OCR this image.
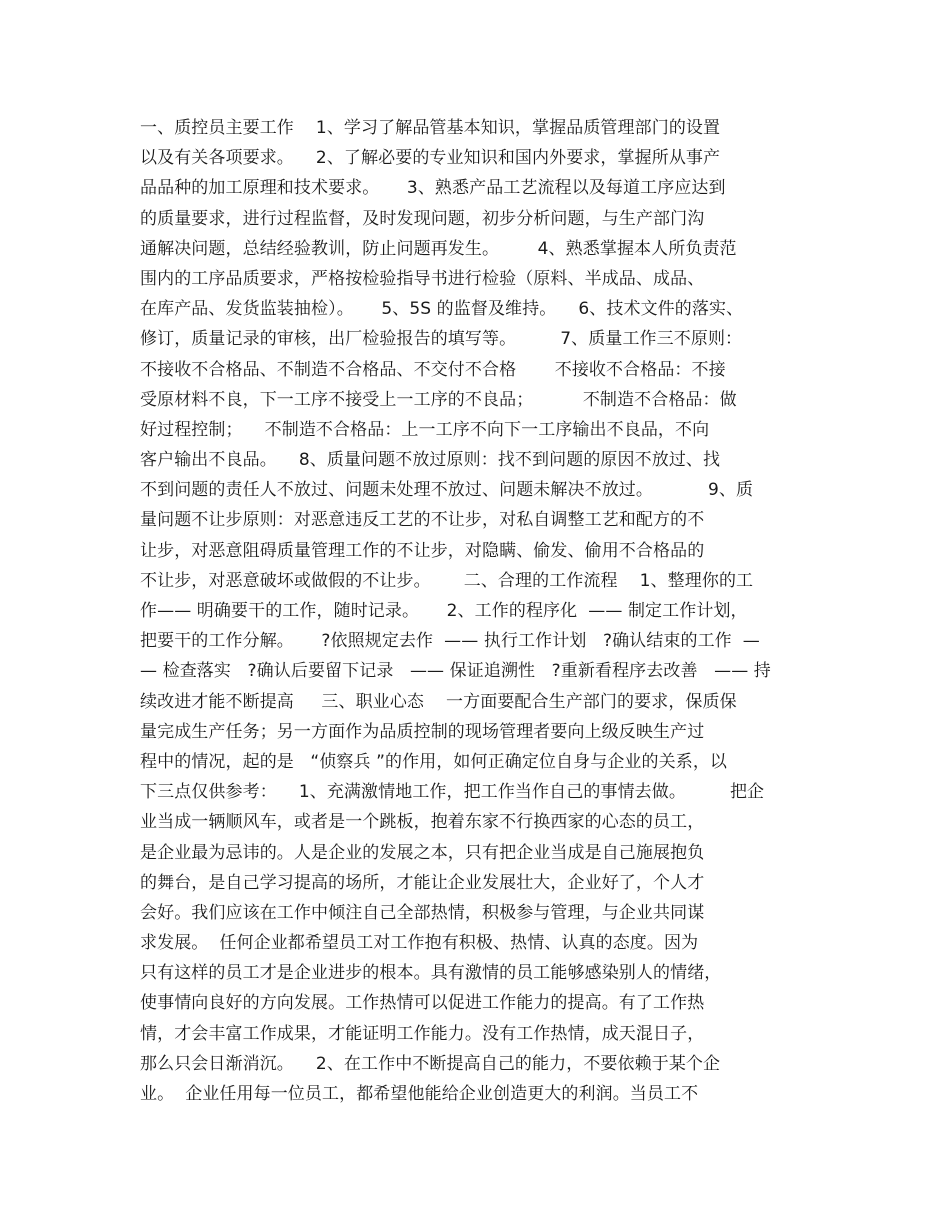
一、质控员主要工作    1、学习了解品管基本知识，掌握品质管理部门的设置
以及有关各项要求。    2、了解必要的专业知识和国内外要求，掌握所从事产
品品种的加工原理和技术要求。     3、熟悉产品工艺流程以及每道工序应达到
的质量要求，进行过程监督，及时发现问题，初步分析问题，与生产部门沟
通解决问题，总结经验教训，防止问题再发生。       4、熟悉掌握本人所负责范
围内的工序品质要求，严格按检验指导书进行检验（原料、半成品、成品、
在库产品、发货监装抽检）。     5、5S 的监督及维持。    6、技术文件的落实、
修订，质量记录的审核，出厂检验报告的填写等。        7、质量工作三不原则：
不接收不合格品、不制造不合格品、不交付不合格       不接收不合格品：不接
受原材料不良，下一工序不接受上一工序的不良品；         不制造不合格品：做
好过程控制；    不制造不合格品：上一工序不向下一工序输出不良品，不向
客户输出不良品。    8、质量问题不放过原则：找不到问题的原因不放过、找
不到问题的责任人不放过、问题未处理不放过、问题未解决不放过。          9、质
量问题不让步原则：对恶意违反工艺的不让步，对私自调整工艺和配方的不
让步，对恶意阻碍质量管理工作的不让步，对隐瞒、偷发、偷用不合格品的
不让步，对恶意破坏或做假的不让步。      二、合理的工作流程    1、整理你的工
作—— 明确要干的工作，随时记录。     2、工作的程序化  —— 制定工作计划，
把要干的工作分解。     ?依照规定去作  —— 执行工作计划   ?确认结束的工作  —
— 检查落实   ?确认后要留下记录   —— 保证追溯性   ?重新看程序去改善   —— 持
续改进才能不断提高     三、职业心态    一方面要配合生产部门的要求，保质保
量完成生产任务；另一方面作为品质控制的现场管理者要向上级反映生产过
程中的情况，起的是   “侦察兵 ”的作用，如何正确定位自身与企业的关系，以
下三点仅供参考：    1、充满激情地工作，把工作当作自己的事情去做。        把企
业当成一辆顺风车，或者是一个跳板，抱着东家不行换西家的心态的员工，
是企业最为忌讳的。人是企业的发展之本，只有把企业当成是自己施展抱负
的舞台，是自己学习提高的场所，才能让企业发展壮大，企业好了，个人才
会好。我们应该在工作中倾注自己全部热情，积极参与管理，与企业共同谋
求发展。  任何企业都希望员工对工作抱有积极、热情、认真的态度。因为
只有这样的员工才是企业进步的根本。具有激情的员工能够感染别人的情绪，
使事情向良好的方向发展。工作热情可以促进工作能力的提高。有了工作热
情，才会丰富工作成果，才能证明工作能力。没有工作热情，成天混日子，
那么只会日渐消沉。    2、在工作中不断提高自己的能力，不要依赖于某个企
业。  企业任用每一位员工，都希望他能给企业创造更大的利润。当员工不
